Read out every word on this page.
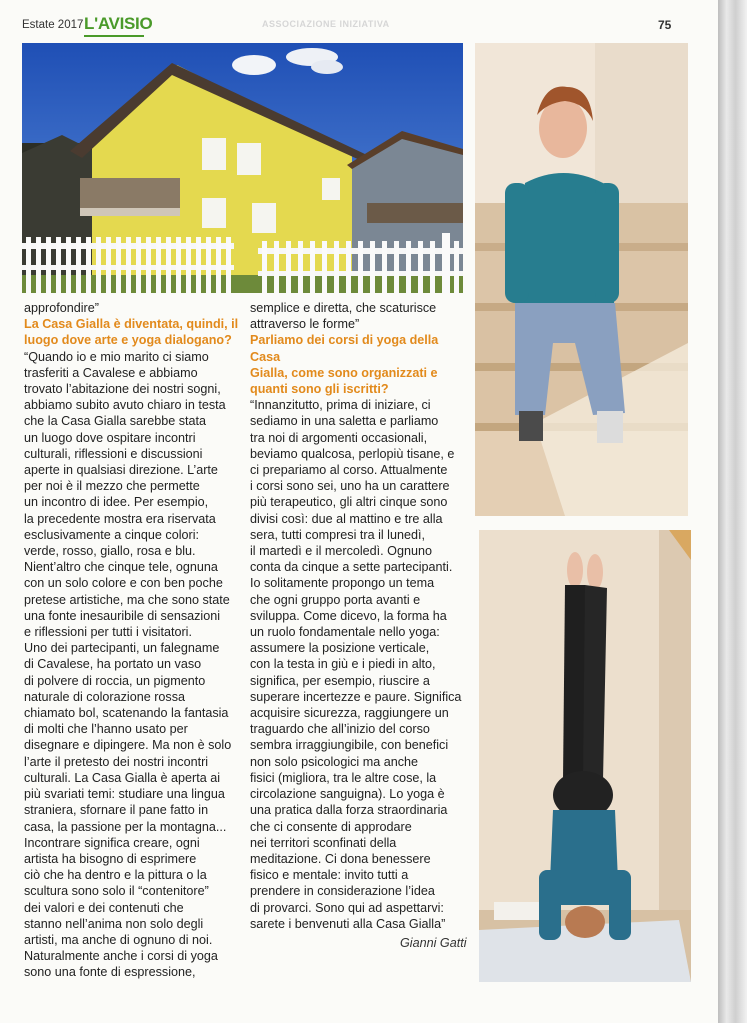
Estate 2017 L'AVISIO	ASSOCIAZIONE INIZIATIVA	75

approfondire”

La Casa Gialla è diventata, quindi, il

luogo dove arte e yoga dialogano?

“Quando io e mio marito ci siamo

trasferiti a Cavalese e abbiamo

trovato l’abitazione dei nostri sogni,

abbiamo subito avuto chiaro in testa

che la Casa Gialla sarebbe stata

un luogo dove ospitare incontri

culturali, riflessioni e discussioni

aperte in qualsiasi direzione. L’arte

per noi è il mezzo che permette

un incontro di idee. Per esempio,

la precedente mostra era riservata

esclusivamente a cinque colori:

verde, rosso, giallo, rosa e blu.

Nient’altro che cinque tele, ognuna

con un solo colore e con ben poche

pretese artistiche, ma che sono state

una fonte inesauribile di sensazioni

e riflessioni per tutti i visitatori.

Uno dei partecipanti, un falegname

di Cavalese, ha portato un vaso

di polvere di roccia, un pigmento

naturale di colorazione rossa

chiamato bol, scatenando la fantasia

di molti che l’hanno usato per

disegnare e dipingere. Ma non è solo

l’arte il pretesto dei nostri incontri

culturali. La Casa Gialla è aperta ai

più svariati temi: studiare una lingua

straniera, sfornare il pane fatto in

casa, la passione per la montagna...

Incontrare significa creare, ogni

artista ha bisogno di esprimere

ciò che ha dentro e la pittura o la

scultura sono solo il “contenitore”

dei valori e dei contenuti che

stanno nell’anima non solo degli

artisti, ma anche di ognuno di noi.

Naturalmente anche i corsi di yoga

sono una fonte di espressione,

semplice e diretta, che scaturisce

attraverso le forme”

Parliamo dei corsi di yoga della Casa

Gialla, come sono organizzati e

quanti sono gli iscritti?

“Innanzitutto, prima di iniziare, ci

sediamo in una saletta e parliamo

tra noi di argomenti occasionali,

beviamo qualcosa, perlopiù tisane, e

ci prepariamo al corso. Attualmente

i corsi sono sei, uno ha un carattere

più terapeutico, gli altri cinque sono

divisi così: due al mattino e tre alla

sera, tutti compresi tra il lunedì,

il martedì e il mercoledì. Ognuno

conta da cinque a sette partecipanti.

Io solitamente propongo un tema

che ogni gruppo porta avanti e

sviluppa. Come dicevo, la forma ha

un ruolo fondamentale nello yoga:

assumere la posizione verticale,

con la testa in giù e i piedi in alto,

significa, per esempio, riuscire a

superare incertezze e paure. Significa

acquisire sicurezza, raggiungere un

traguardo che all’inizio del corso

sembra irraggiungibile, con benefici

non solo psicologici ma anche

fisici (migliora, tra le altre cose, la

circolazione sanguigna). Lo yoga è

una pratica dalla forza straordinaria

che ci consente di approdare

nei territori sconfinati della

meditazione. Ci dona benessere

fisico e mentale: invito tutti a

prendere in considerazione l’idea

di provarci. Sono qui ad aspettarvi:

sarete i benvenuti alla Casa Gialla”

Gianni Gatti
